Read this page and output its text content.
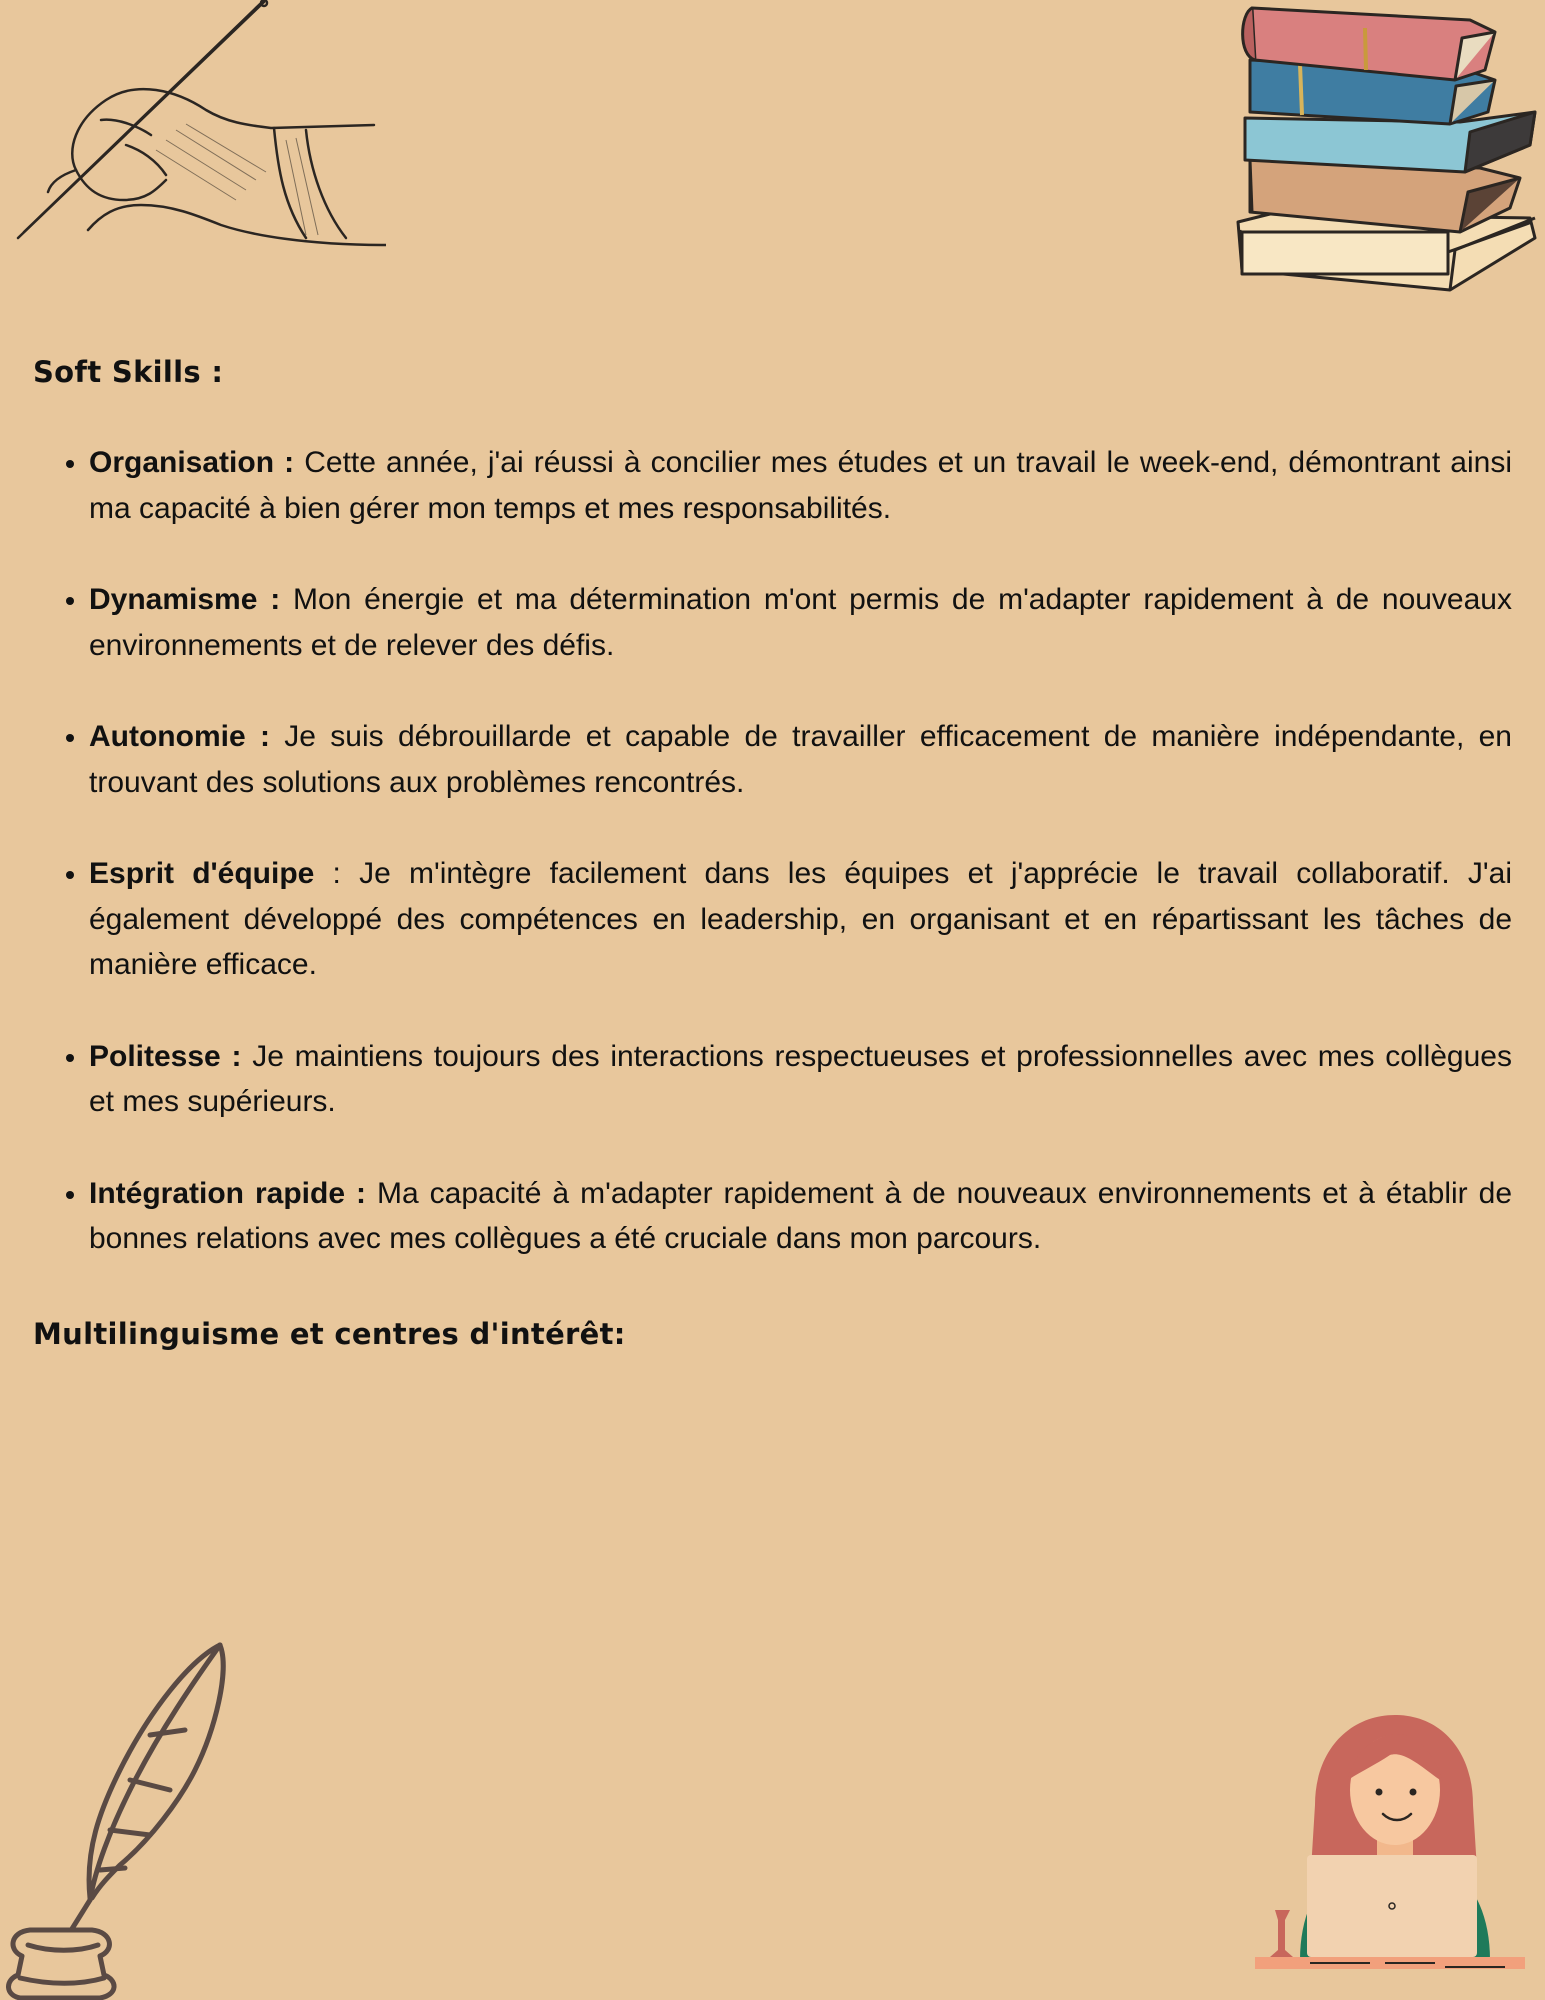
Soft Skills :
• Organisation : Cette année, j'ai réussi à concilier mes études et un travail le week-end, démontrant ainsi ma capacité à bien gérer mon temps et mes responsabilités.
• Dynamisme : Mon énergie et ma détermination m'ont permis de m'adapter rapidement à de nouveaux environnements et de relever des défis.
• Autonomie : Je suis débrouillarde et capable de travailler efficacement de manière indépendante, en trouvant des solutions aux problèmes rencontrés.
• Esprit d'équipe : Je m'intègre facilement dans les équipes et j'apprécie le travail collaboratif. J'ai également développé des compétences en leadership, en organisant et en répartissant les tâches de manière efficace.
• Politesse : Je maintiens toujours des interactions respectueuses et professionnelles avec mes collègues et mes supérieurs.
• Intégration rapide : Ma capacité à m'adapter rapidement à de nouveaux environnements et à établir de bonnes relations avec mes collègues a été cruciale dans mon parcours.
Multilinguisme et centres d'intérêt:
